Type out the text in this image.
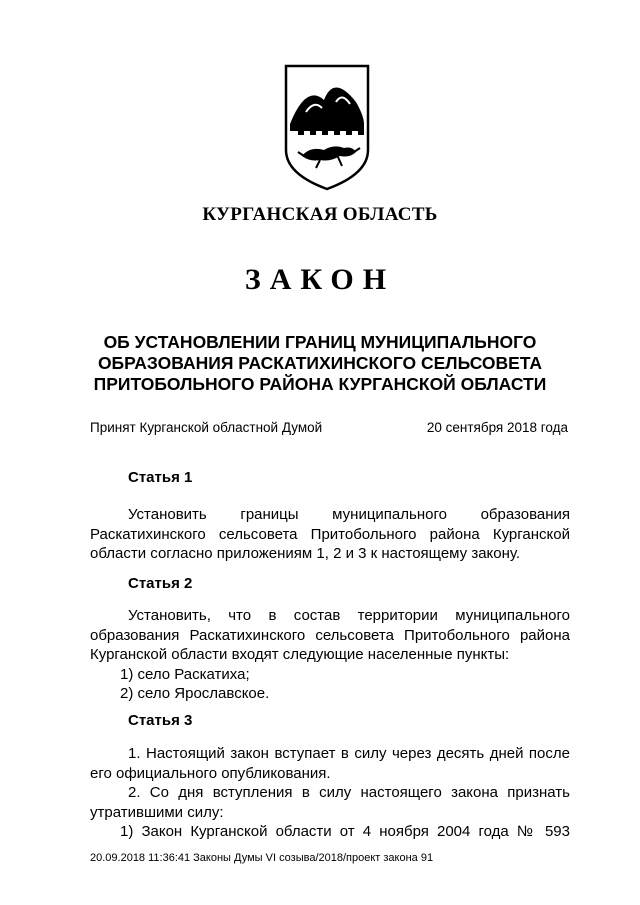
КУРГАНСКАЯ ОБЛАСТЬ
ЗАКОН
ОБ УСТАНОВЛЕНИИ ГРАНИЦ МУНИЦИПАЛЬНОГО
ОБРАЗОВАНИЯ РАСКАТИХИНСКОГО СЕЛЬСОВЕТА
ПРИТОБОЛЬНОГО РАЙОНА КУРГАНСКОЙ ОБЛАСТИ
Принят Курганской областной Думой	20 сентября 2018 года
Статья 1
Установить границы муниципального образования
Раскатихинского сельсовета Притобольного района Курганской
области согласно приложениям 1, 2 и 3 к настоящему закону.
Статья 2
Установить, что в состав территории муниципального
образования Раскатихинского сельсовета Притобольного района
Курганской области входят следующие населенные пункты:
1) село Раскатиха;
2) село Ярославское.
Статья 3
1. Настоящий закон вступает в силу через десять дней после
его официального опубликования.
2. Со дня вступления в силу настоящего закона признать
утратившими силу:
1) Закон Курганской области от 4 ноября 2004 года № 593
20.09.2018 11:36:41 Законы Думы VI созыва/2018/проект закона 91
